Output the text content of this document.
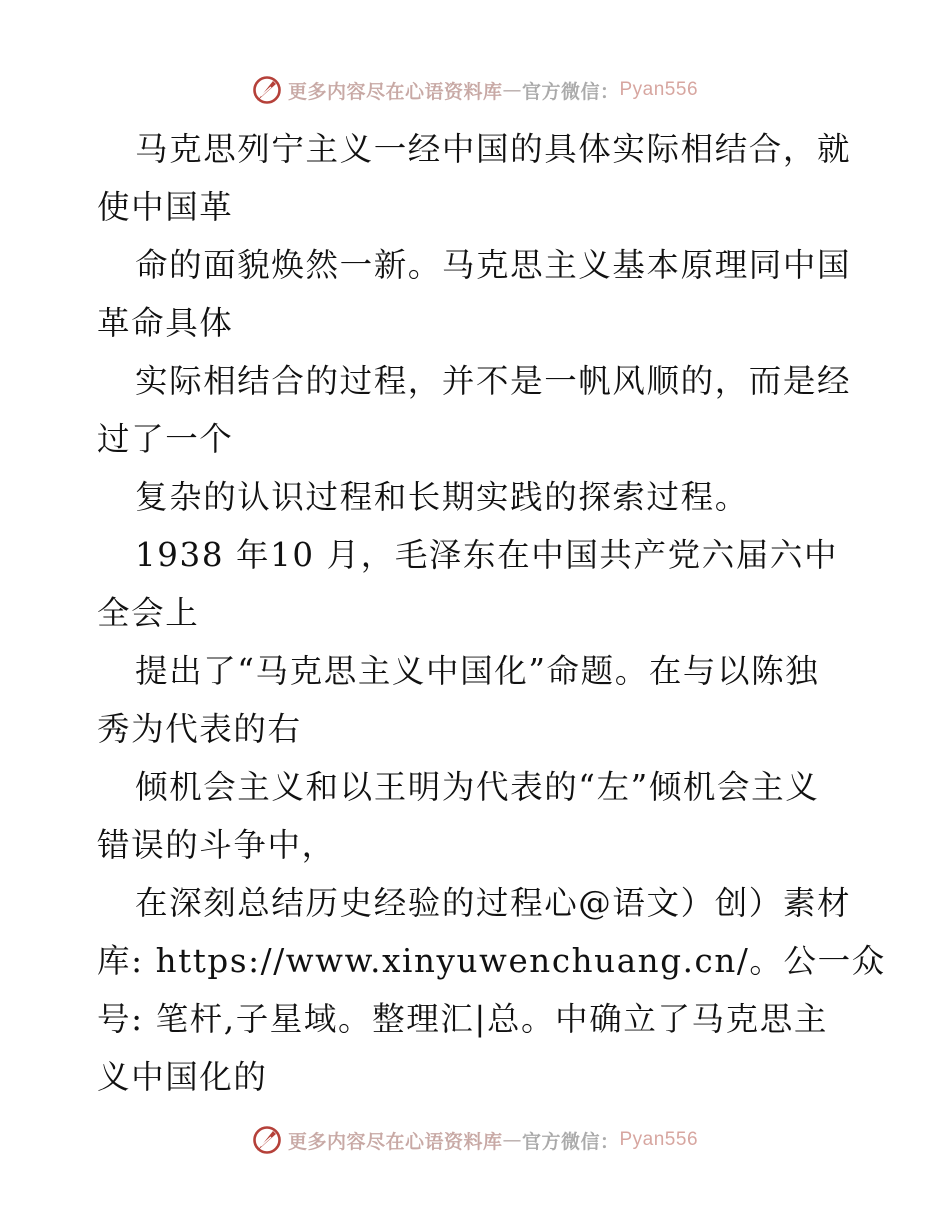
更多内容尽在心语资料库 — 官方微信： Pyan556
马克思列宁主义一经中国的具体实际相结合，就
使中国革
命的面貌焕然一新。马克思主义基本原理同中国
革命具体
实际相结合的过程，并不是一帆风顺的，而是经
过了一个
复杂的认识过程和长期实践的探索过程。
1938 年10 月，毛泽东在中国共产党六届六中
全会上
提出了“马克思主义中国化”命题。在与以陈独
秀为代表的右
倾机会主义和以王明为代表的“左”倾机会主义
错误的斗争中，
在深刻总结历史经验的过程心@语文）创）素材
库: https://www.xinyuwenchuang.cn/。公一众
号: 笔杆,子星域。整理汇|总。中确立了马克思主
义中国化的
更多内容尽在心语资料库 — 官方微信： Pyan556
